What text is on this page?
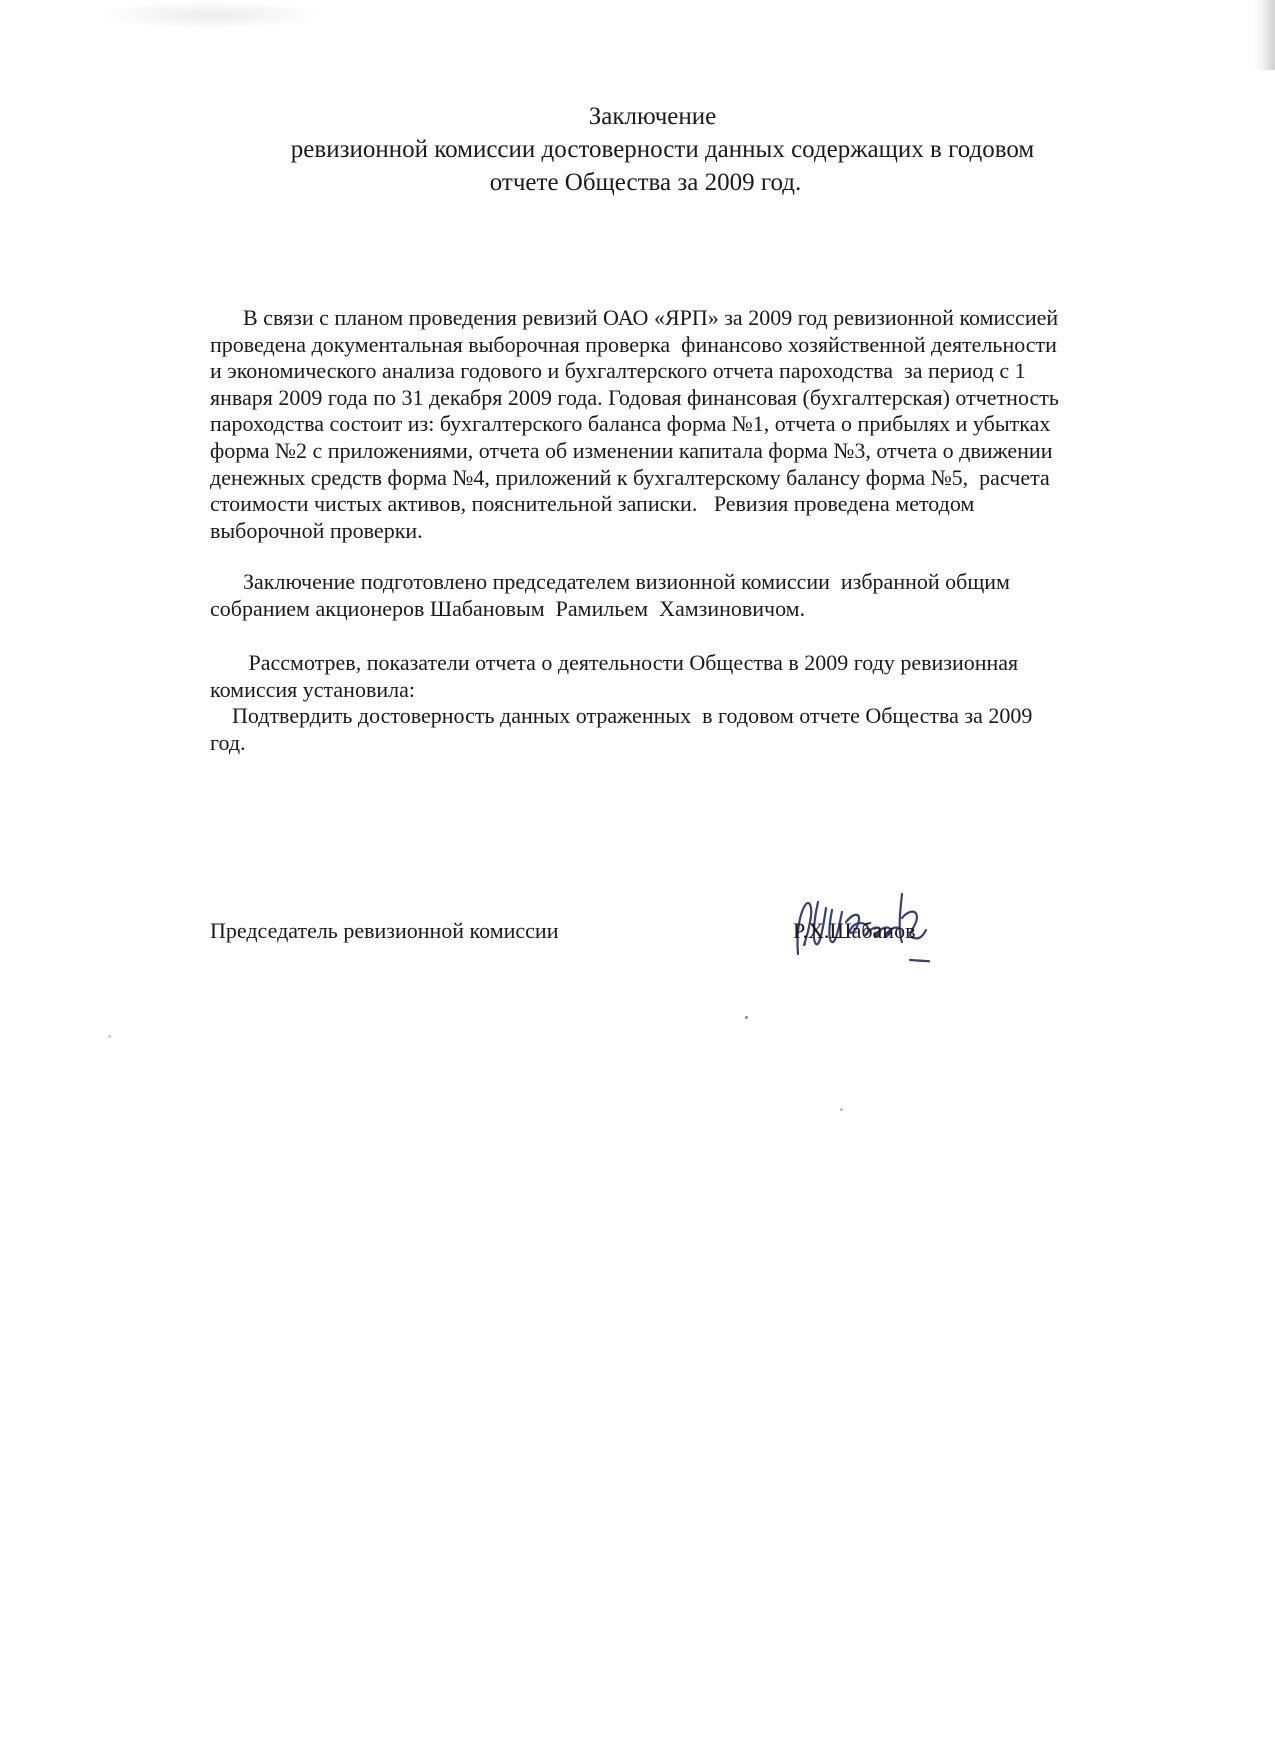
Заключение
ревизионной комиссии достоверности данных содержащих в годовом
отчете Общества за 2009 год.
В связи с планом проведения ревизий ОАО «ЯРП» за 2009 год ревизионной комиссией
проведена документальная выборочная проверка  финансово хозяйственной деятельности
и экономического анализа годового и бухгалтерского отчета пароходства  за период с 1
января 2009 года по 31 декабря 2009 года. Годовая финансовая (бухгалтерская) отчетность
пароходства состоит из: бухгалтерского баланса форма №1, отчета о прибылях и убытках
форма №2 с приложениями, отчета об изменении капитала форма №3, отчета о движении
денежных средств форма №4, приложений к бухгалтерскому балансу форма №5,  расчета
стоимости чистых активов, пояснительной записки.   Ревизия проведена методом
выборочной проверки.
Заключение подготовлено председателем визионной комиссии  избранной общим
собранием акционеров Шабановым  Рамильем  Хамзиновичом.
Рассмотрев, показатели отчета о деятельности Общества в 2009 году ревизионная
комиссия установила:
Подтвердить достоверность данных отраженных  в годовом отчете Общества за 2009
год.
Председатель ревизионной комиссии	Р.Х.Шабанов
